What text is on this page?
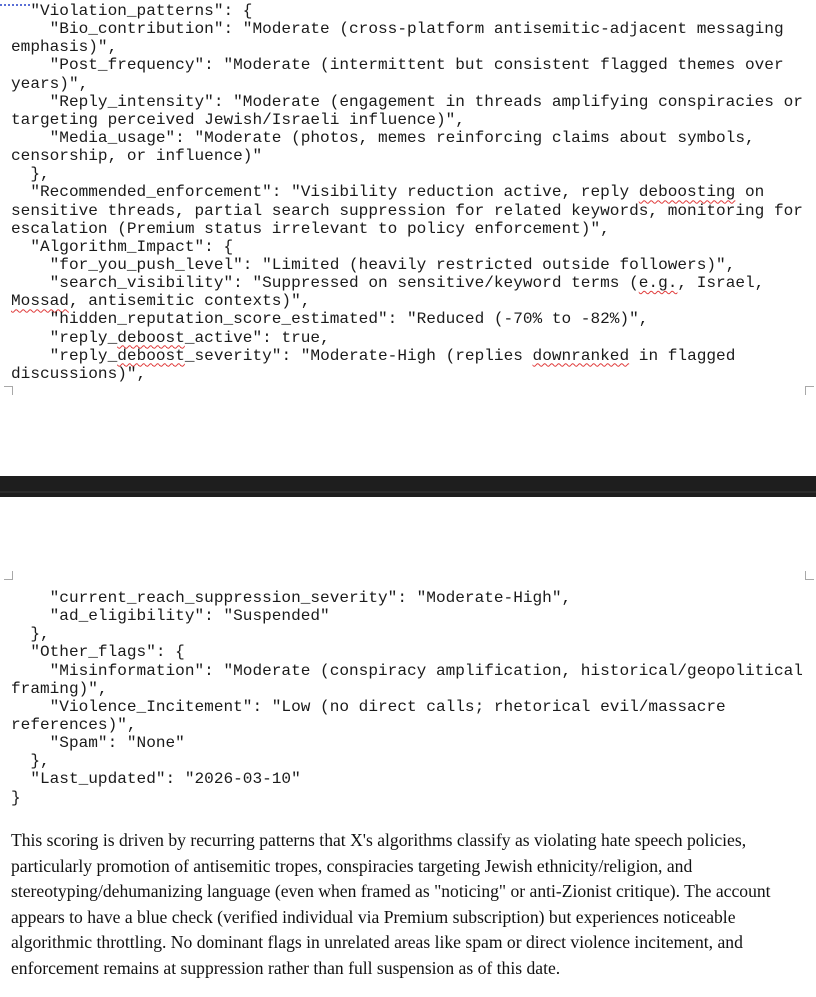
"Violation_patterns": {
"Bio_contribution": "Moderate (cross-platform antisemitic-adjacent messaging
emphasis)",
"Post_frequency": "Moderate (intermittent but consistent flagged themes over
years)",
"Reply_intensity": "Moderate (engagement in threads amplifying conspiracies or
targeting perceived Jewish/Israeli influence)",
"Media_usage": "Moderate (photos, memes reinforcing claims about symbols,
censorship, or influence)"
},
"Recommended_enforcement": "Visibility reduction active, reply deboosting on
sensitive threads, partial search suppression for related keywords, monitoring for
escalation (Premium status irrelevant to policy enforcement)",
"Algorithm_Impact": {
"for_you_push_level": "Limited (heavily restricted outside followers)",
"search_visibility": "Suppressed on sensitive/keyword terms (e.g., Israel,
Mossad, antisemitic contexts)",
"hidden_reputation_score_estimated": "Reduced (-70% to -82%)",
"reply_deboost_active": true,
"reply_deboost_severity": "Moderate-High (replies downranked in flagged
discussions)",
"current_reach_suppression_severity": "Moderate-High",
"ad_eligibility": "Suspended"
},
"Other_flags": {
"Misinformation": "Moderate (conspiracy amplification, historical/geopolitical
framing)",
"Violence_Incitement": "Low (no direct calls; rhetorical evil/massacre
references)",
"Spam": "None"
},
"Last_updated": "2026-03-10"
}

This scoring is driven by recurring patterns that X's algorithms classify as violating hate speech policies, particularly promotion of antisemitic tropes, conspiracies targeting Jewish ethnicity/religion, and stereotyping/dehumanizing language (even when framed as "noticing" or anti-Zionist critique). The account appears to have a blue check (verified individual via Premium subscription) but experiences noticeable algorithmic throttling. No dominant flags in unrelated areas like spam or direct violence incitement, and enforcement remains at suppression rather than full suspension as of this date.
